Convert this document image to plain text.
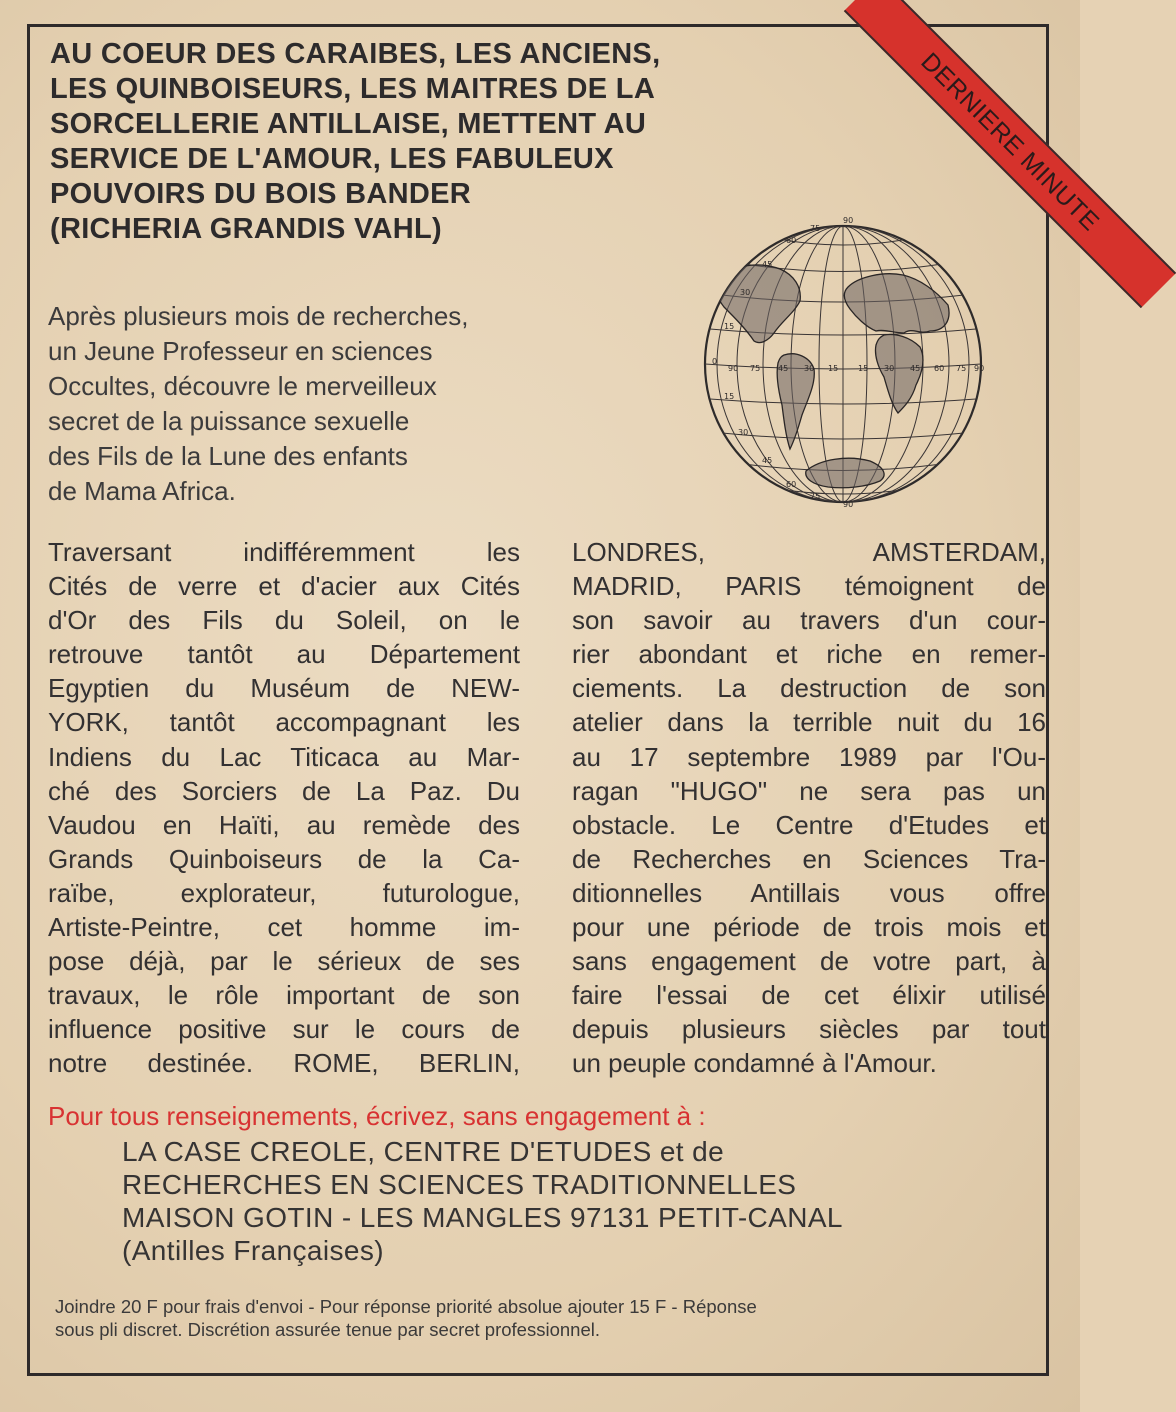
AU COEUR DES CARAIBES, LES ANCIENS,
LES QUINBOISEURS, LES MAITRES DE LA
SORCELLERIE ANTILLAISE, METTENT AU
SERVICE DE L'AMOUR, LES FABULEUX
POUVOIRS DU BOIS BANDER
(RICHERIA GRANDIS VAHL)	DERNIERE MINUTE
Après plusieurs mois de recherches,
un Jeune Professeur en sciences
Occultes, découvre le merveilleux
secret de la puissance sexuelle
des Fils de la Lune des enfants
de Mama Africa.
90
75
60
45
30
15
0
15
30
45
60
75
90
90 75 45 30 15 15 30 45 60 75 90
Traversant indifféremment les
Cités de verre et d'acier aux Cités
d'Or des Fils du Soleil, on le
retrouve tantôt au Département
Egyptien du Muséum de NEW-
YORK, tantôt accompagnant les
Indiens du Lac Titicaca au Mar-
ché des Sorciers de La Paz. Du
Vaudou en Haïti, au remède des
Grands Quinboiseurs de la Ca-
raïbe, explorateur, futurologue,
Artiste-Peintre, cet homme im-
pose déjà, par le sérieux de ses
travaux, le rôle important de son
influence positive sur le cours de
notre destinée. ROME, BERLIN,
LONDRES, AMSTERDAM,
MADRID, PARIS témoignent de
son savoir au travers d'un cour-
rier abondant et riche en remer-
ciements. La destruction de son
atelier dans la terrible nuit du 16
au 17 septembre 1989 par l'Ou-
ragan "HUGO" ne sera pas un
obstacle. Le Centre d'Etudes et
de Recherches en Sciences Tra-
ditionnelles Antillais vous offre
pour une période de trois mois et
sans engagement de votre part, à
faire l'essai de cet élixir utilisé
depuis plusieurs siècles par tout
un peuple condamné à l'Amour.

Pour tous renseignements, écrivez, sans engagement à :

LA CASE CREOLE, CENTRE D'ETUDES et de
RECHERCHES EN SCIENCES TRADITIONNELLES
MAISON GOTIN - LES MANGLES 97131 PETIT-CANAL
(Antilles Françaises)
Joindre 20 F pour frais d'envoi - Pour réponse priorité absolue ajouter 15 F - Réponse
sous pli discret. Discrétion assurée tenue par secret professionnel.
